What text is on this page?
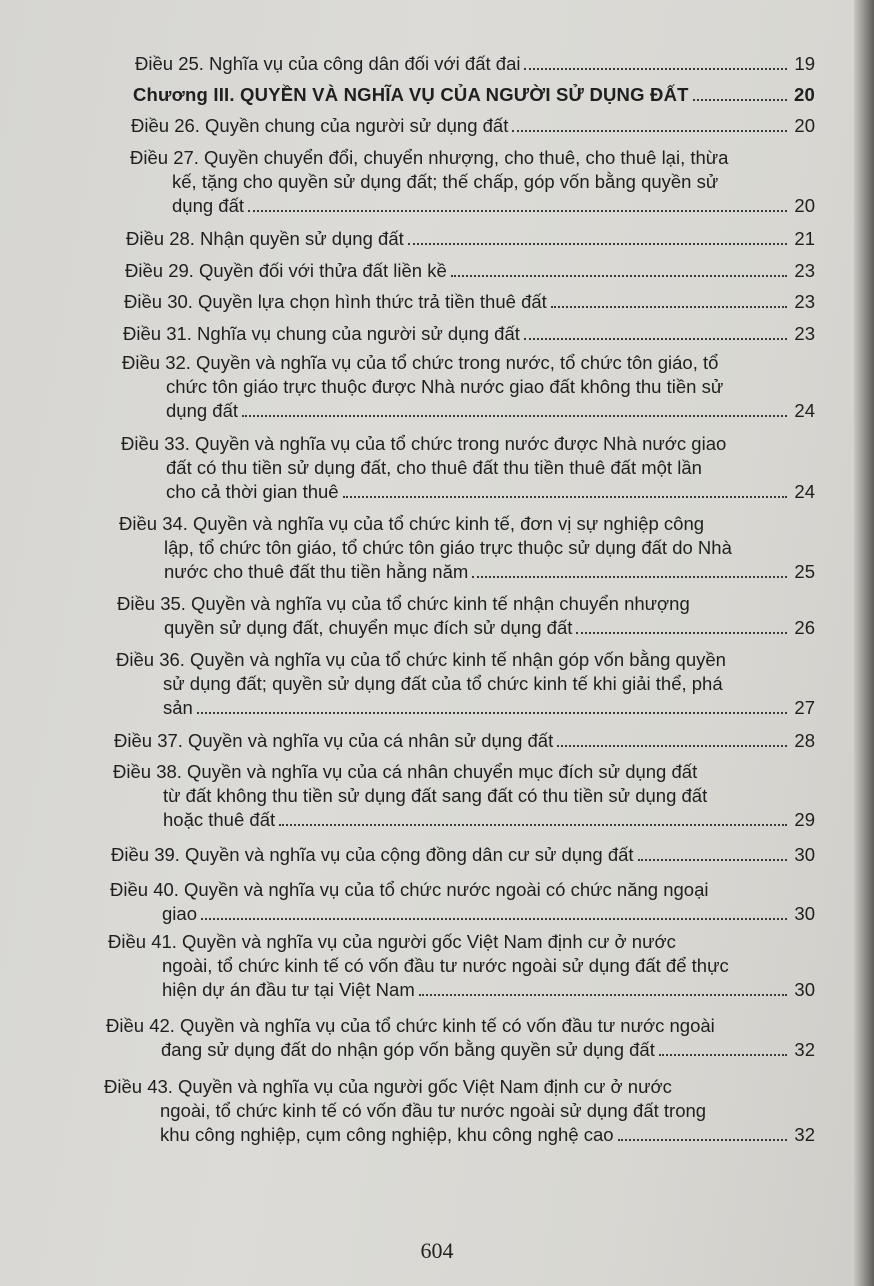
Điều 25. Nghĩa vụ của công dân đối với đất đai	19
Chương III. QUYỀN VÀ NGHĨA VỤ CỦA NGƯỜI SỬ DỤNG ĐẤT	20
Điều 26. Quyền chung của người sử dụng đất	20
Điều 27. Quyền chuyển đổi, chuyển nhượng, cho thuê, cho thuê lại, thừa
kế, tặng cho quyền sử dụng đất; thế chấp, góp vốn bằng quyền sử
dụng đất	20
Điều 28. Nhận quyền sử dụng đất	21
Điều 29. Quyền đối với thửa đất liền kề	23
Điều 30. Quyền lựa chọn hình thức trả tiền thuê đất	23
Điều 31. Nghĩa vụ chung của người sử dụng đất	23
Điều 32. Quyền và nghĩa vụ của tổ chức trong nước, tổ chức tôn giáo, tổ
chức tôn giáo trực thuộc được Nhà nước giao đất không thu tiền sử
dụng đất	24
Điều 33. Quyền và nghĩa vụ của tổ chức trong nước được Nhà nước giao
đất có thu tiền sử dụng đất, cho thuê đất thu tiền thuê đất một lần
cho cả thời gian thuê	24
Điều 34. Quyền và nghĩa vụ của tổ chức kinh tế, đơn vị sự nghiệp công
lập, tổ chức tôn giáo, tổ chức tôn giáo trực thuộc sử dụng đất do Nhà
nước cho thuê đất thu tiền hằng năm	25
Điều 35. Quyền và nghĩa vụ của tổ chức kinh tế nhận chuyển nhượng
quyền sử dụng đất, chuyển mục đích sử dụng đất	26
Điều 36. Quyền và nghĩa vụ của tổ chức kinh tế nhận góp vốn bằng quyền
sử dụng đất; quyền sử dụng đất của tổ chức kinh tế khi giải thể, phá
sản	27
Điều 37. Quyền và nghĩa vụ của cá nhân sử dụng đất	28
Điều 38. Quyền và nghĩa vụ của cá nhân chuyển mục đích sử dụng đất
từ đất không thu tiền sử dụng đất sang đất có thu tiền sử dụng đất
hoặc thuê đất	29
Điều 39. Quyền và nghĩa vụ của cộng đồng dân cư sử dụng đất	30
Điều 40. Quyền và nghĩa vụ của tổ chức nước ngoài có chức năng ngoại
giao	30
Điều 41. Quyền và nghĩa vụ của người gốc Việt Nam định cư ở nước
ngoài, tổ chức kinh tế có vốn đầu tư nước ngoài sử dụng đất để thực
hiện dự án đầu tư tại Việt Nam	30
Điều 42. Quyền và nghĩa vụ của tổ chức kinh tế có vốn đầu tư nước ngoài
đang sử dụng đất do nhận góp vốn bằng quyền sử dụng đất	32
Điều 43. Quyền và nghĩa vụ của người gốc Việt Nam định cư ở nước
ngoài, tổ chức kinh tế có vốn đầu tư nước ngoài sử dụng đất trong
khu công nghiệp, cụm công nghiệp, khu công nghệ cao	32
604
